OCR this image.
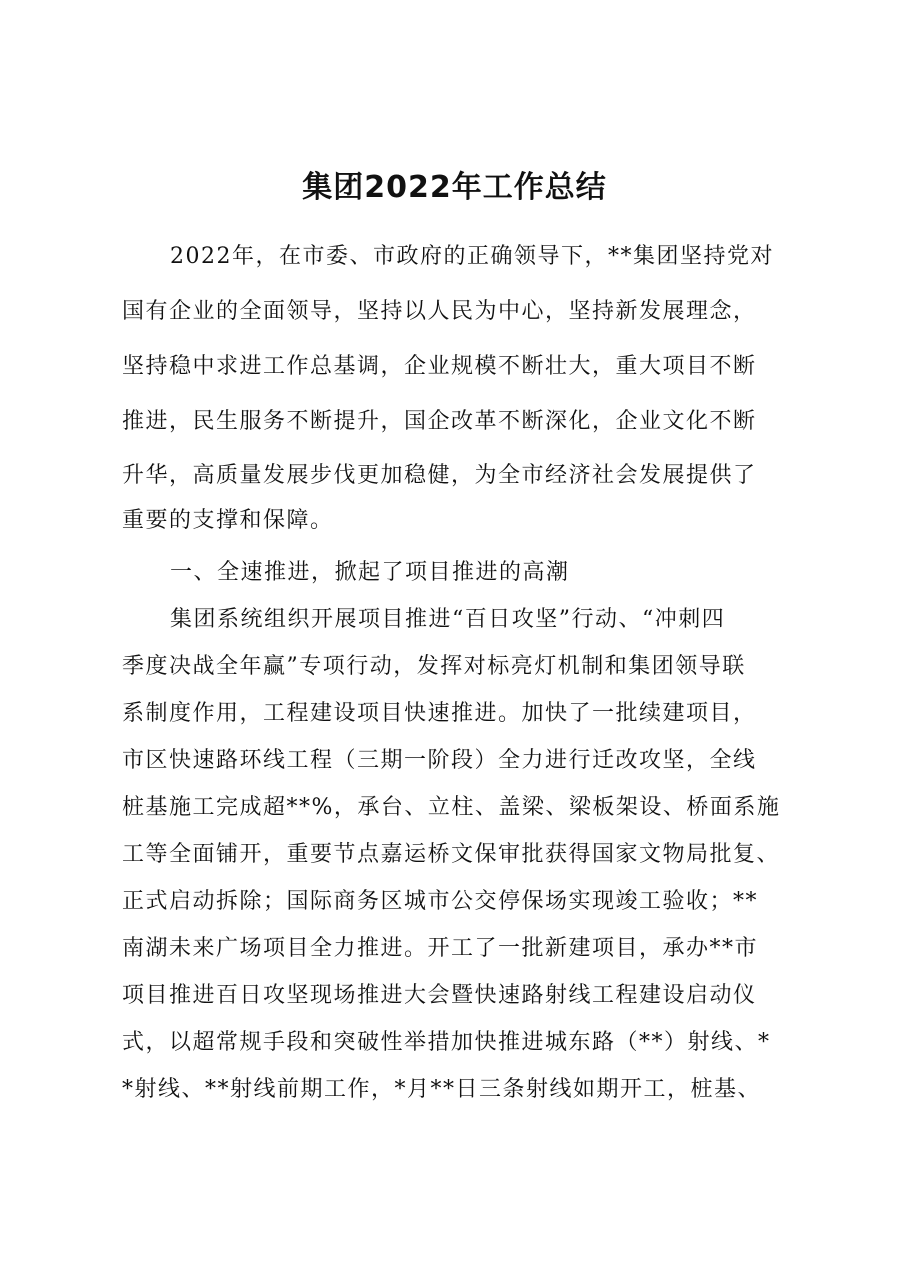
集团2022年工作总结
2022年，在市委、市政府的正确领导下，**集团坚持党对
国有企业的全面领导，坚持以人民为中心，坚持新发展理念，
坚持稳中求进工作总基调，企业规模不断壮大，重大项目不断
推进，民生服务不断提升，国企改革不断深化，企业文化不断
升华，高质量发展步伐更加稳健，为全市经济社会发展提供了
重要的支撑和保障。
一、全速推进，掀起了项目推进的高潮
集团系统组织开展项目推进“百日攻坚”行动、“冲刺四
季度决战全年赢”专项行动，发挥对标亮灯机制和集团领导联
系制度作用，工程建设项目快速推进。加快了一批续建项目，
市区快速路环线工程（三期一阶段）全力进行迁改攻坚，全线
桩基施工完成超**%，承台、立柱、盖梁、梁板架设、桥面系施
工等全面铺开，重要节点嘉运桥文保审批获得国家文物局批复、
正式启动拆除；国际商务区城市公交停保场实现竣工验收；**
南湖未来广场项目全力推进。开工了一批新建项目，承办**市
项目推进百日攻坚现场推进大会暨快速路射线工程建设启动仪
式，以超常规手段和突破性举措加快推进城东路（**）射线、*
*射线、**射线前期工作，*月**日三条射线如期开工，桩基、
